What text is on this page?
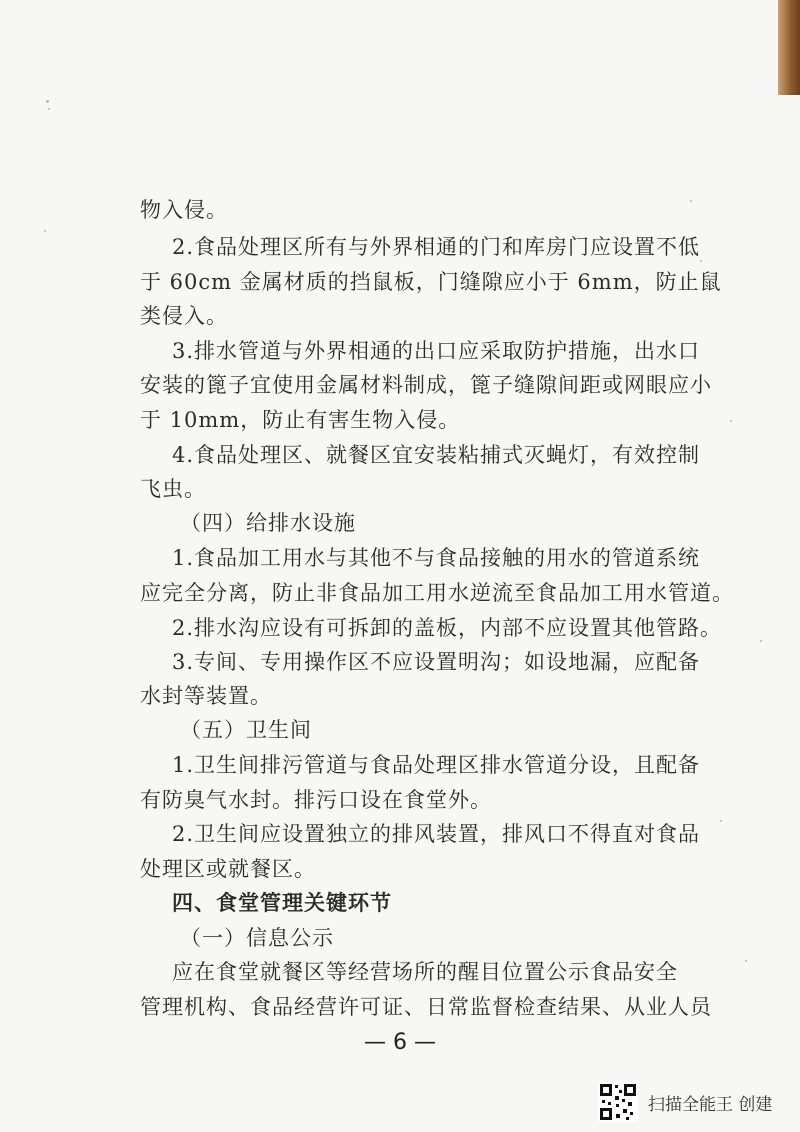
物入侵。
2.食品处理区所有与外界相通的门和库房门应设置不低
于 60cm 金属材质的挡鼠板，门缝隙应小于 6mm，防止鼠
类侵入。
3.排水管道与外界相通的出口应采取防护措施，出水口
安装的篦子宜使用金属材料制成，篦子缝隙间距或网眼应小
于 10mm，防止有害生物入侵。
4.食品处理区、就餐区宜安装粘捕式灭蝇灯，有效控制
飞虫。
（四）给排水设施
1.食品加工用水与其他不与食品接触的用水的管道系统
应完全分离，防止非食品加工用水逆流至食品加工用水管道。
2.排水沟应设有可拆卸的盖板，内部不应设置其他管路。
3.专间、专用操作区不应设置明沟；如设地漏，应配备
水封等装置。
（五）卫生间
1.卫生间排污管道与食品处理区排水管道分设，且配备
有防臭气水封。排污口设在食堂外。
2.卫生间应设置独立的排风装置，排风口不得直对食品
处理区或就餐区。
四、食堂管理关键环节
（一）信息公示
应在食堂就餐区等经营场所的醒目位置公示食品安全
管理机构、食品经营许可证、日常监督检查结果、从业人员
— 6 —
扫描全能王 创建
